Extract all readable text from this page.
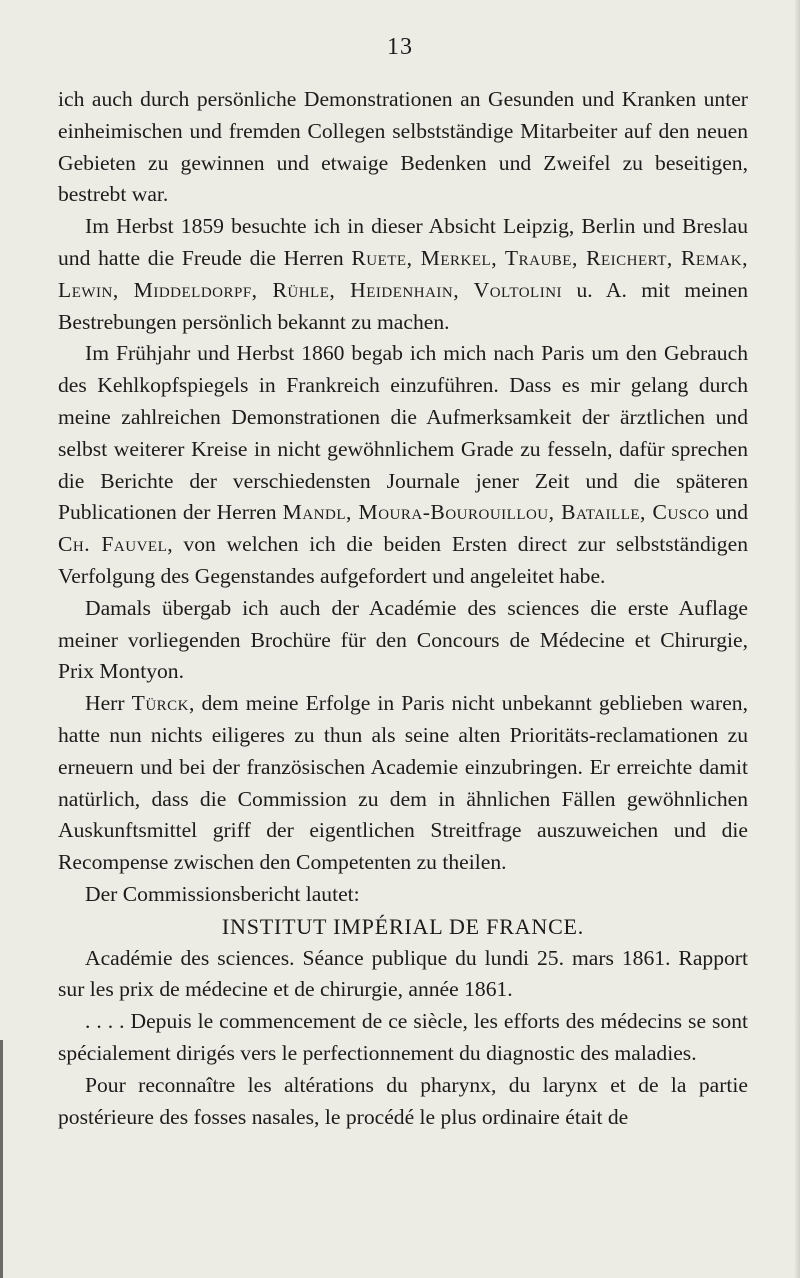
13

ich auch durch persönliche Demonstrationen an Gesunden und Kranken unter einheimischen und fremden Collegen selbstständige Mitarbeiter auf den neuen Gebieten zu gewinnen und etwaige Bedenken und Zweifel zu beseitigen, bestrebt war.

Im Herbst 1859 besuchte ich in dieser Absicht Leipzig, Berlin und Breslau und hatte die Freude die Herren Ruete, Merkel, Traube, Reichert, Remak, Lewin, Middeldorpf, Rühle, Heidenhain, Voltolini u. A. mit meinen Bestrebungen persönlich bekannt zu machen.

Im Frühjahr und Herbst 1860 begab ich mich nach Paris um den Gebrauch des Kehlkopfspiegels in Frankreich einzuführen. Dass es mir gelang durch meine zahlreichen Demonstrationen die Aufmerksamkeit der ärztlichen und selbst weiterer Kreise in nicht gewöhnlichem Grade zu fesseln, dafür sprechen die Berichte der verschiedensten Journale jener Zeit und die späteren Publicationen der Herren Mandl, Moura-Bourouillou, Bataille, Cusco und Ch. Fauvel, von welchen ich die beiden Ersten direct zur selbstständigen Verfolgung des Gegenstandes aufgefordert und angeleitet habe.

Damals übergab ich auch der Académie des sciences die erste Auflage meiner vorliegenden Brochüre für den Concours de Médecine et Chirurgie, Prix Montyon.

Herr Türck, dem meine Erfolge in Paris nicht unbekannt geblieben waren, hatte nun nichts eiligeres zu thun als seine alten Prioritäts-reclamationen zu erneuern und bei der französischen Academie einzubringen. Er erreichte damit natürlich, dass die Commission zu dem in ähnlichen Fällen gewöhnlichen Auskunftsmittel griff der eigentlichen Streitfrage auszuweichen und die Recompense zwischen den Competenten zu theilen.

Der Commissionsbericht lautet:

INSTITUT IMPÉRIAL DE FRANCE.

Académie des sciences. Séance publique du lundi 25. mars 1861. Rapport sur les prix de médecine et de chirurgie, année 1861.

. . . . Depuis le commencement de ce siècle, les efforts des médecins se sont spécialement dirigés vers le perfectionnement du diagnostic des maladies.

Pour reconnaître les altérations du pharynx, du larynx et de la partie postérieure des fosses nasales, le procédé le plus ordinaire était de
